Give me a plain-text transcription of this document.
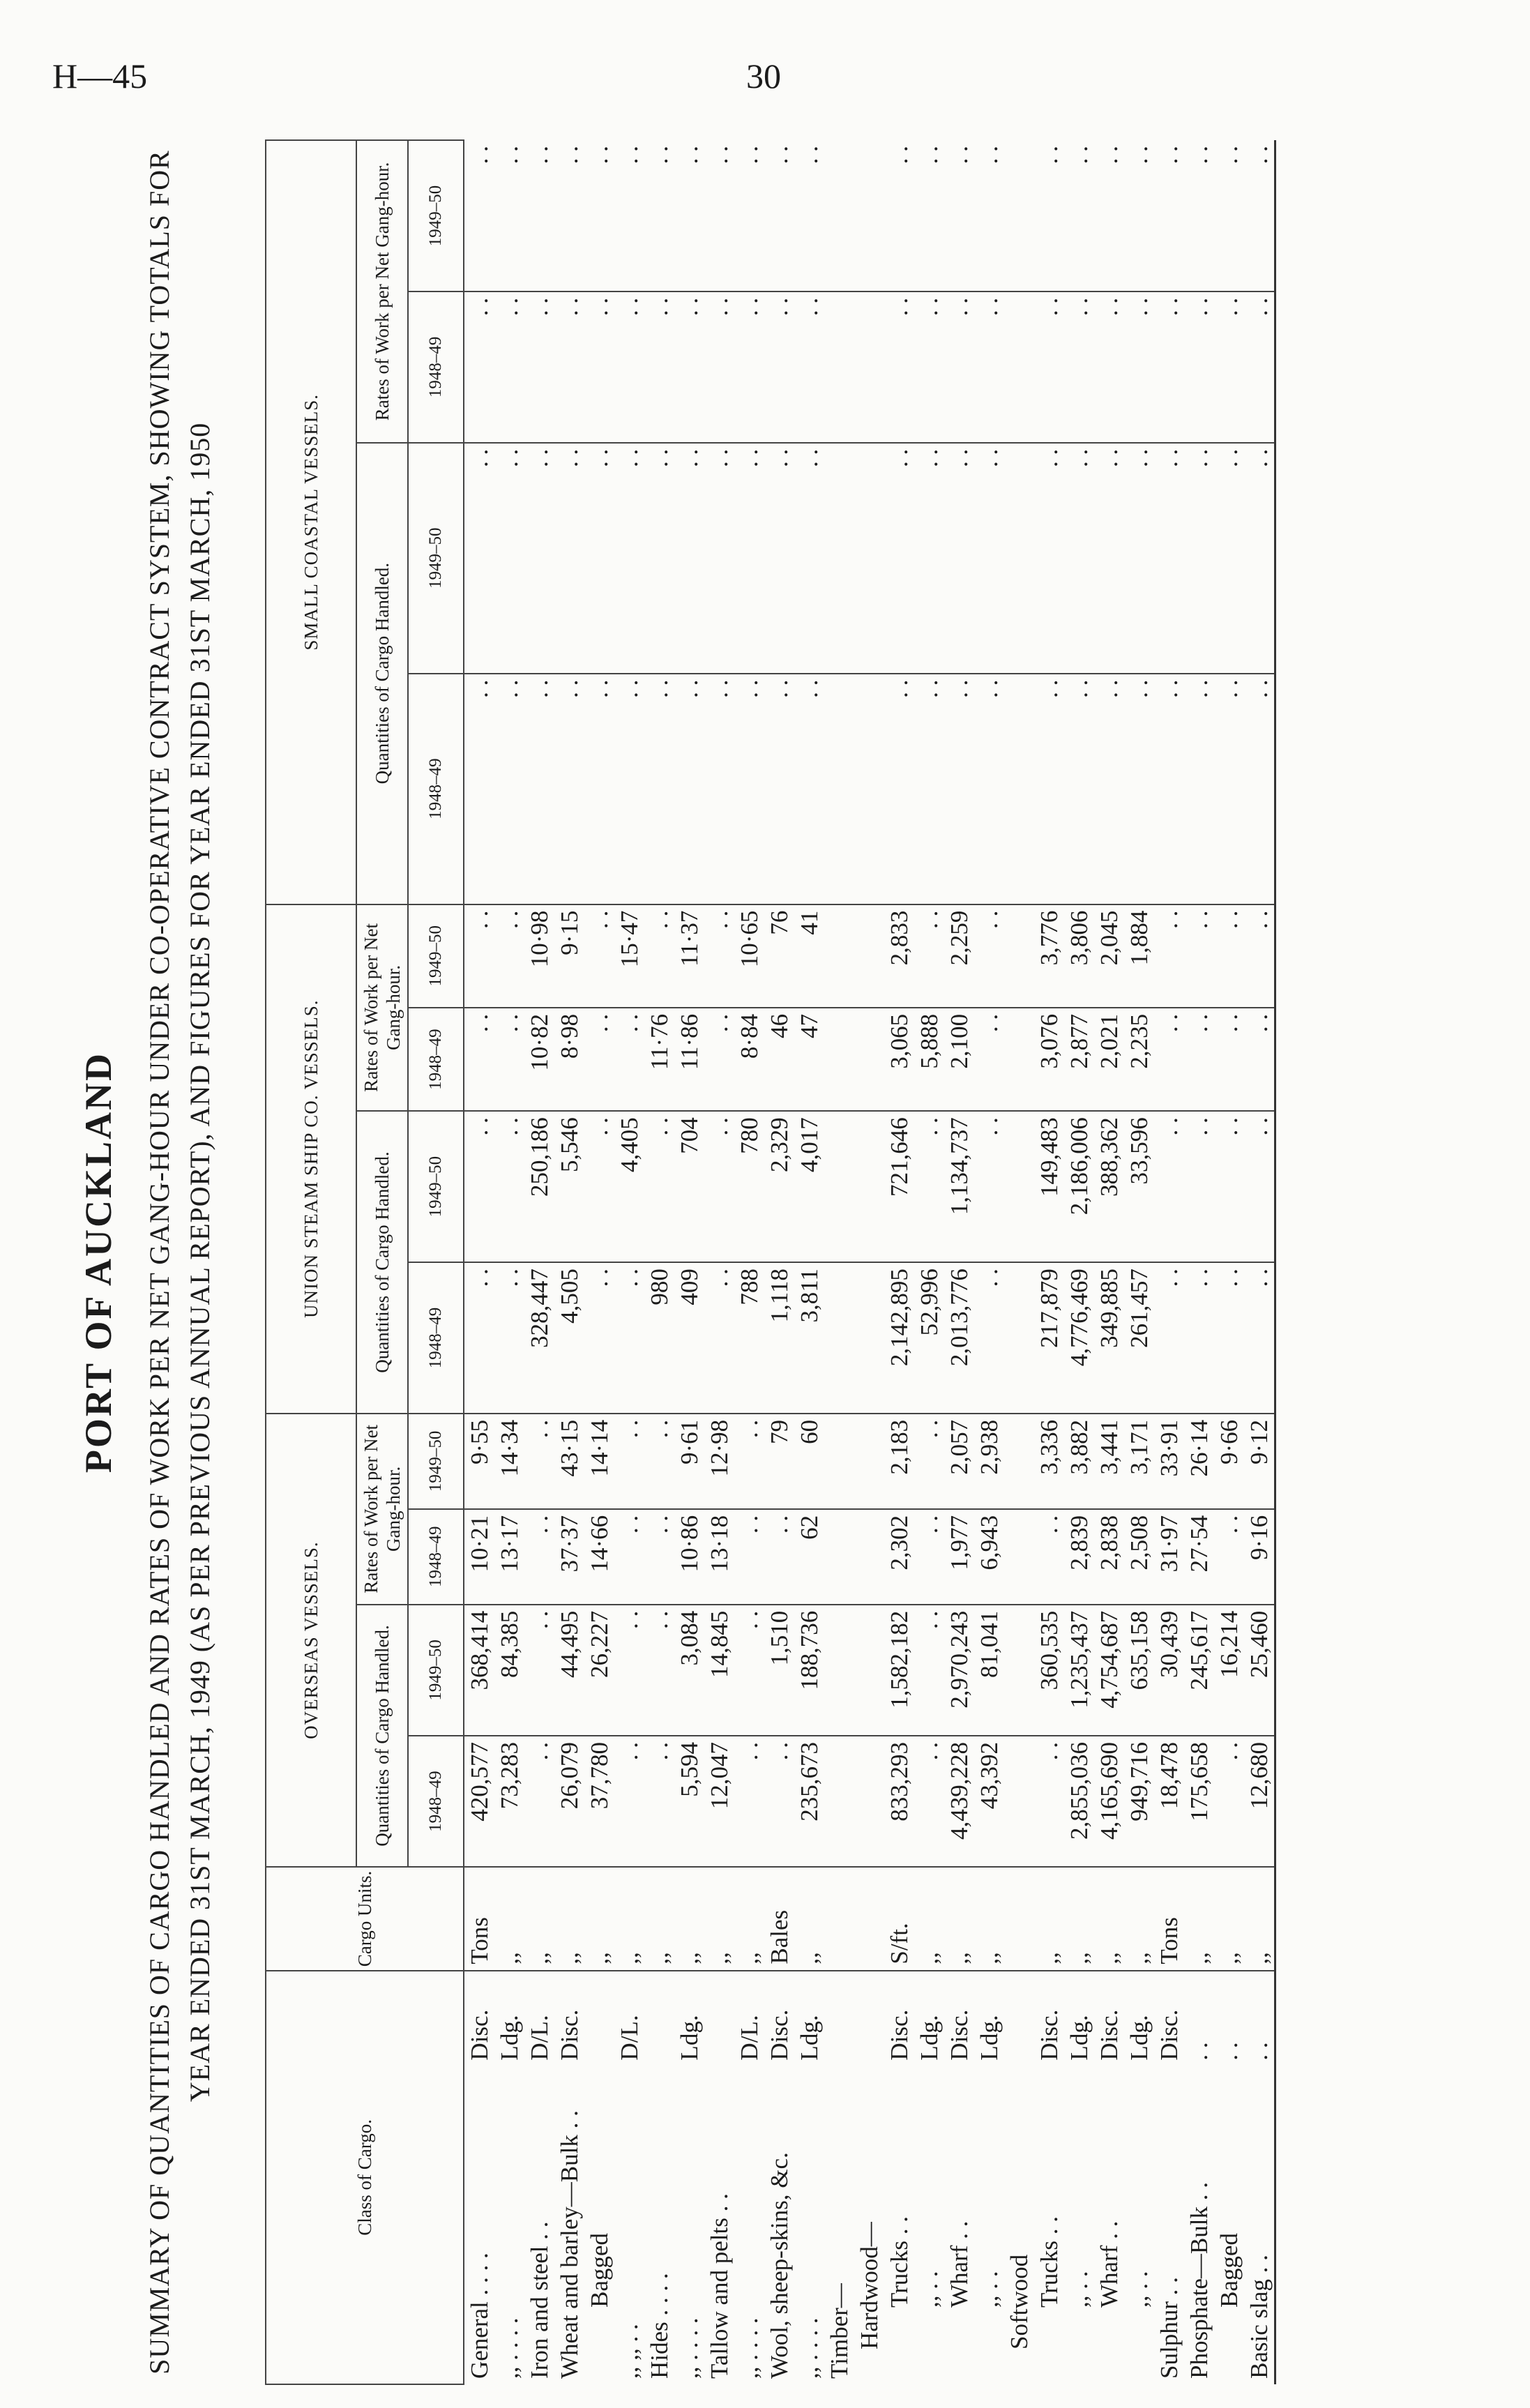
H—45	30
PORT OF AUCKLAND SUMMARY OF QUANTITIES OF CARGO HANDLED AND RATES OF WORK PER NET GANG-HOUR UNDER CO-OPERATIVE CONTRACT SYSTEM, SHOWING TOTALS FOR YEAR ENDED 31ST MARCH, 1949 (AS PER PREVIOUS ANNUAL REPORT), AND FIGURES FOR YEAR ENDED 31ST MARCH, 1950
Class of Cargo.		Cargo Units.	OVERSEAS VESSELS.				UNION STEAM SHIP CO. VESSELS.				SMALL COASTAL VESSELS.			
			Quantities of Cargo Handled.		Rates of Work per Net Gang-hour.		Quantities of Cargo Handled.		Rates of Work per Net Gang-hour.		Quantities of Cargo Handled.		Rates of Work per Net Gang-hour.	
			1948–49	1949–50	1948–49	1949–50	1948–49	1949–50	1948–49	1949–50	1948–49	1949–50	1948–49	1949–50
General . . . .	Disc.	Tons	420,577	368,414	10·21	9·55	. .	. .	. .	. .	. .	. .	. .	. .
,, . . . .	Ldg.	,,	73,283	84,385	13·17	14·34	. .	. .	. .	. .	. .	. .	. .	. .
Iron and steel . .	D/L.	,,	. .	. .	. .	. .	328,447	250,186	10·82	10·98	. .	. .	. .	. .
Wheat and barley—Bulk . .	Disc.	,,	26,079	44,495	37·37	43·15	4,505	5,546	8·98	9·15	. .	. .	. .	. .
Bagged		,,	37,780	26,227	14·66	14·14	. .	. .	. .	. .	. .	. .	. .	. .
,, ,, . .	D/L.	,,	. .	. .	. .	. .	. .	4,405	. .	15·47	. .	. .	. .	. .
Hides . . . .		,,	. .	. .	. .	. .	980	. .	11·76	. .	. .	. .	. .	. .
,, . . . .	Ldg.	,,	5,594	3,084	10·86	9·61	409	704	11·86	11·37	. .	. .	. .	. .
Tallow and pelts . .		,,	12,047	14,845	13·18	12·98	. .	. .	. .	. .	. .	. .	. .	. .
,, . . . .	D/L.	,,	. .	. .	. .	. .	788	780	8·84	10·65	. .	. .	. .	. .
Wool, sheep-skins, &c.	Disc.	Bales	. .	1,510	. .	79	1,118	2,329	46	76	. .	. .	. .	. .
,, . . . .	Ldg.	,,	235,673	188,736	62	60	3,811	4,017	47	41	. .	. .	. .	. .
Timber—														
Hardwood—														
Trucks . .	Disc.	S/ft.	833,293	1,582,182	2,302	2,183	2,142,895	721,646	3,065	2,833	. .	. .	. .	. .
,, . .	Ldg.	,,	. .	. .	. .	. .	52,996	. .	5,888	. .	. .	. .	. .	. .
Wharf . .	Disc.	,,	4,439,228	2,970,243	1,977	2,057	2,013,776	1,134,737	2,100	2,259	. .	. .	. .	. .
,, . .	Ldg.	,,	43,392	81,041	6,943	2,938	. .	. .	. .	. .	. .	. .	. .	. .
Softwood														
Trucks . .	Disc.	,,	. .	360,535	. .	3,336	217,879	149,483	3,076	3,776	. .	. .	. .	. .
,, . .	Ldg.	,,	2,855,036	1,235,437	2,839	3,882	4,776,469	2,186,006	2,877	3,806	. .	. .	. .	. .
Wharf . .	Disc.	,,	4,165,690	4,754,687	2,838	3,441	349,885	388,362	2,021	2,045	. .	. .	. .	. .
,, . .	Ldg.	,,	949,716	635,158	2,508	3,171	261,457	33,596	2,235	1,884	. .	. .	. .	. .
Sulphur . .	Disc.	Tons	18,478	30,439	31·97	33·91	. .	. .	. .	. .	. .	. .	. .	. .
Phosphate—Bulk . .	. .	,,	175,658	245,617	27·54	26·14	. .	. .	. .	. .	. .	. .	. .	. .
Bagged	. .	,,	. .	16,214	. .	9·66	. .	. .	. .	. .	. .	. .	. .	. .
Basic slag . .	. .	,,	12,680	25,460	9·16	9·12	. .	. .	. .	. .	. .	. .	. .	. .
